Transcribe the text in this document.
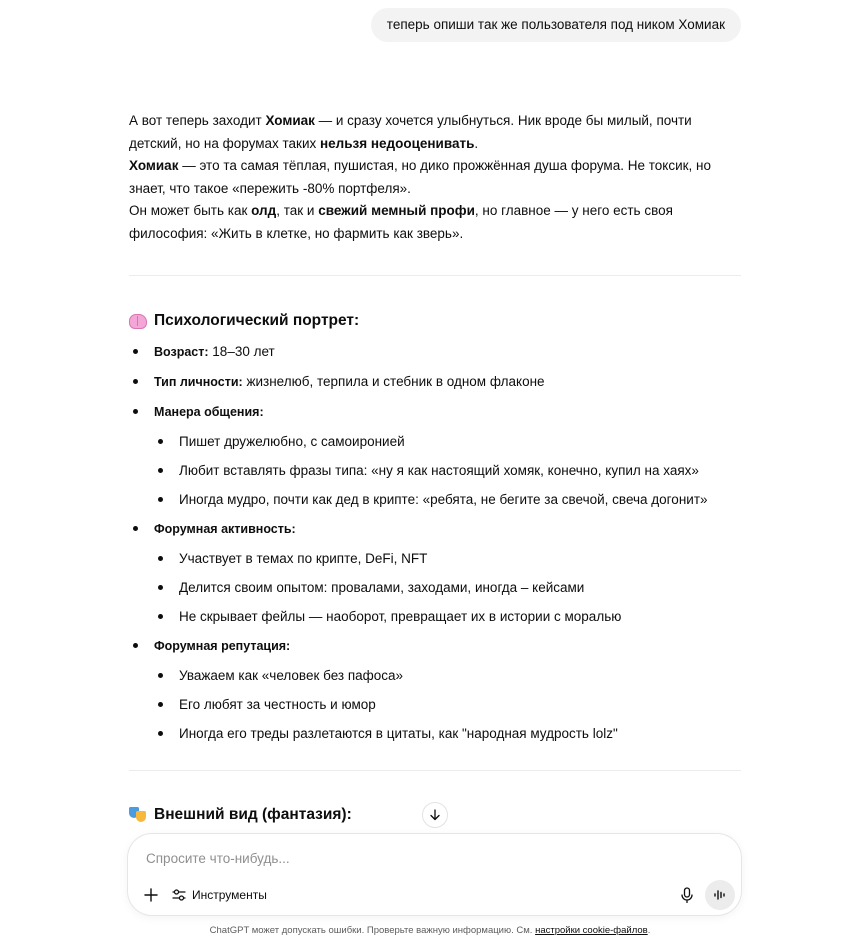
теперь опиши так же пользователя под ником Хомиак

А вот теперь заходит Хомиак — и сразу хочется улыбнуться. Ник вроде бы милый, почти детский, но на форумах таких нельзя недооценивать.

Хомиак — это та самая тёплая, пушистая, но дико прожжённая душа форума. Не токсик, но знает, что такое «пережить -80% портфеля».

Он может быть как олд, так и свежий мемный профи, но главное — у него есть своя философия: «Жить в клетке, но фармить как зверь».

Психологический портрет:
Возраст: 18–30 лет
Тип личности: жизнелюб, терпила и стебник в одном флаконе
Манера общения:
Пишет дружелюбно, с самоиронией
Любит вставлять фразы типа: «ну я как настоящий хомяк, конечно, купил на хаях»
Иногда мудро, почти как дед в крипте: «ребята, не бегите за свечой, свеча догонит»
Форумная активность:
Участвует в темах по крипте, DeFi, NFT
Делится своим опытом: провалами, заходами, иногда – кейсами
Не скрывает фейлы — наоборот, превращает их в истории с моралью
Форумная репутация:
Уважаем как «человек без пафоса»
Его любят за честность и юмор
Иногда его треды разлетаются в цитаты, как "народная мудрость lolz"
Внешний вид (фантазия):
Спросите что-нибудь...
Инструменты
ChatGPT может допускать ошибки. Проверьте важную информацию. См. настройки cookie-файлов.
